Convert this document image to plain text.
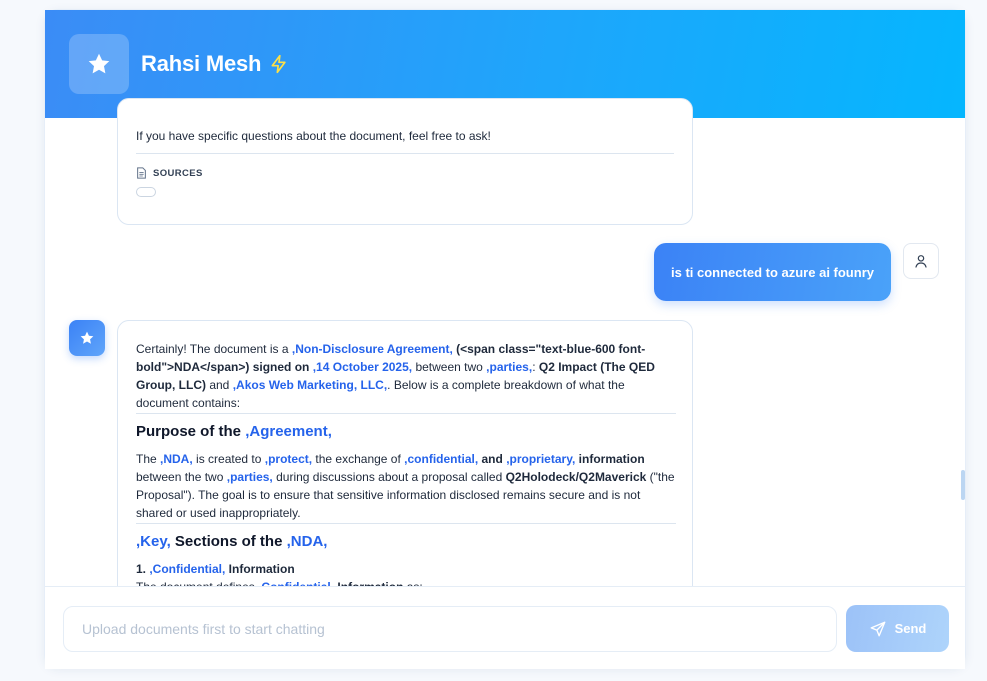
Rahsi Mesh
If you have specific questions about the document, feel free to ask!
SOURCES
is ti connected to azure ai founry

Certainly! The document is a ,Non-Disclosure Agreement, (<span class="text-blue-600 font-bold">NDA</span>) signed on ,14 October 2025, between two ,parties,: Q2 Impact (The QED Group, LLC) and ,Akos Web Marketing, LLC,. Below is a complete breakdown of what the document contains:

Purpose of the ,Agreement,

The ,NDA, is created to ,protect, the exchange of ,confidential, and ,proprietary, information between the two ,parties, during discussions about a proposal called Q2Holodeck/Q2Maverick ("the Proposal"). The goal is to ensure that sensitive information disclosed remains secure and is not shared or used inappropriately.

,Key, Sections of the ,NDA,

1. ,Confidential, Information

Upload documents first to start chatting
Send
